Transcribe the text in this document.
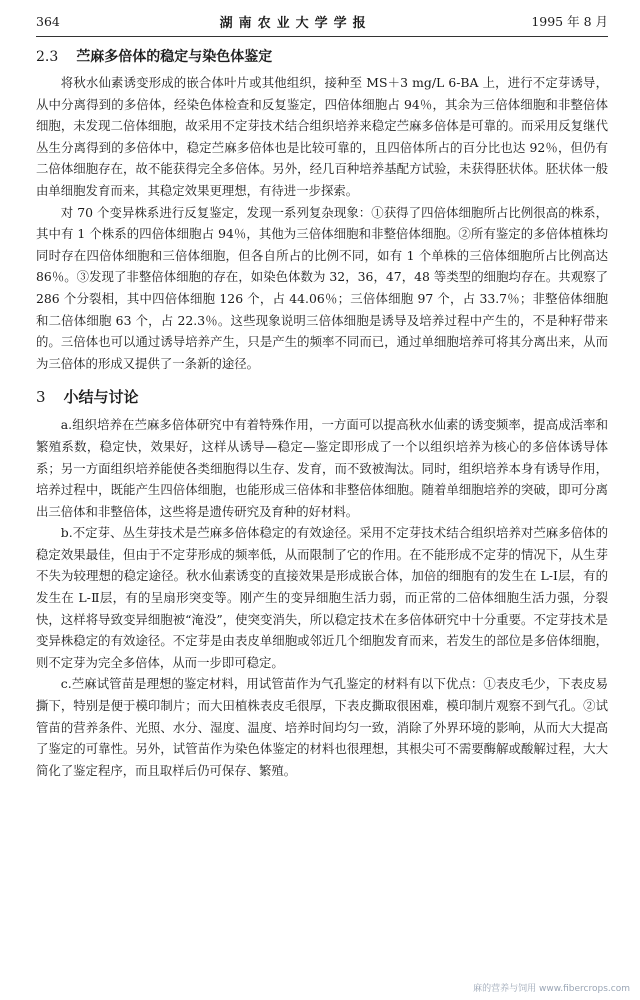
364	湖南农业大学学报	1995 年 8 月
2.3 苎麻多倍体的稳定与染色体鉴定

将秋水仙素诱变形成的嵌合体叶片或其他组织，接种至 MS＋3 mg/L 6-BA 上，进行不定芽诱导，从中分离得到的多倍体，经染色体检查和反复鉴定，四倍体细胞占 94％，其余为三倍体细胞和非整倍体细胞，未发现二倍体细胞，故采用不定芽技术结合组织培养来稳定苎麻多倍体是可靠的。而采用反复继代丛生分离得到的多倍体中，稳定苎麻多倍体也是比较可靠的，且四倍体所占的百分比也达 92％，但仍有二倍体细胞存在，故不能获得完全多倍体。另外，经几百种培养基配方试验，未获得胚状体。胚状体一般由单细胞发育而来，其稳定效果更理想，有待进一步探索。

对 70 个变异株系进行反复鉴定，发现一系列复杂现象：①获得了四倍体细胞所占比例很高的株系，其中有 1 个株系的四倍体细胞占 94％，其他为三倍体细胞和非整倍体细胞。②所有鉴定的多倍体植株均同时存在四倍体细胞和三倍体细胞，但各自所占的比例不同，如有 1 个单株的三倍体细胞所占比例高达 86％。③发现了非整倍体细胞的存在，如染色体数为 32，36，47，48 等类型的细胞均存在。共观察了 286 个分裂相，其中四倍体细胞 126 个，占 44.06％；三倍体细胞 97 个，占 33.7％；非整倍体细胞和二倍体细胞 63 个，占 22.3％。这些现象说明三倍体细胞是诱导及培养过程中产生的，不是种籽带来的。三倍体也可以通过诱导培养产生，只是产生的频率不同而已，通过单细胞培养可将其分离出来，从而为三倍体的形成又提供了一条新的途径。

3 小结与讨论

a.组织培养在苎麻多倍体研究中有着特殊作用，一方面可以提高秋水仙素的诱变频率，提高成活率和繁殖系数，稳定快，效果好，这样从诱导—稳定—鉴定即形成了一个以组织培养为核心的多倍体诱导体系；另一方面组织培养能使各类细胞得以生存、发育，而不致被淘汰。同时，组织培养本身有诱导作用，培养过程中，既能产生四倍体细胞，也能形成三倍体和非整倍体细胞。随着单细胞培养的突破，即可分离出三倍体和非整倍体，这些将是遗传研究及育种的好材料。

b.不定芽、丛生芽技术是苎麻多倍体稳定的有效途径。采用不定芽技术结合组织培养对苎麻多倍体的稳定效果最佳，但由于不定芽形成的频率低，从而限制了它的作用。在不能形成不定芽的情况下，从生芽不失为较理想的稳定途径。秋水仙素诱变的直接效果是形成嵌合体，加倍的细胞有的发生在 L-Ⅰ层，有的发生在 L-Ⅱ层，有的呈扇形突变等。刚产生的变异细胞生活力弱，而正常的二倍体细胞生活力强，分裂快，这样将导致变异细胞被“淹没”，使突变消失，所以稳定技术在多倍体研究中十分重要。不定芽技术是变异株稳定的有效途径。不定芽是由表皮单细胞或邻近几个细胞发育而来，若发生的部位是多倍体细胞，则不定芽为完全多倍体，从而一步即可稳定。

c.苎麻试管苗是理想的鉴定材料，用试管苗作为气孔鉴定的材料有以下优点：①表皮毛少，下表皮易撕下，特别是便于模印制片；而大田植株表皮毛很厚，下表皮撕取很困难，模印制片观察不到气孔。②试管苗的营养条件、光照、水分、湿度、温度、培养时间均匀一致，消除了外界环境的影响，从而大大提高了鉴定的可靠性。另外，试管苗作为染色体鉴定的材料也很理想，其根尖可不需要酶解或酸解过程，大大简化了鉴定程序，而且取样后仍可保存、繁殖。

麻的营养与饲用 www.fibercrops.com
